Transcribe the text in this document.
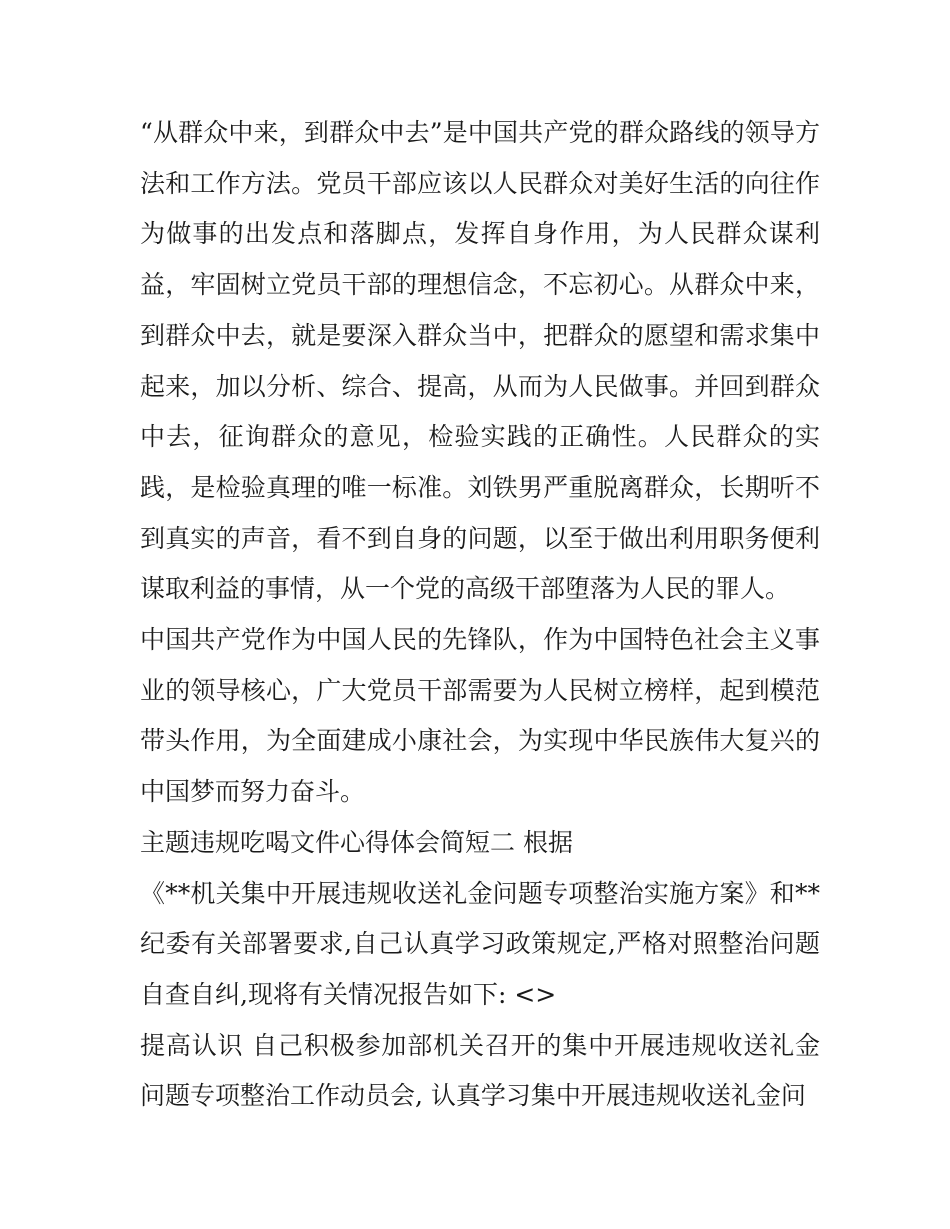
“从群众中来，到群众中去”是中国共产党的群众路线的领导方法和工作方法。党员干部应该以人民群众对美好生活的向往作为做事的出发点和落脚点，发挥自身作用，为人民群众谋利益，牢固树立党员干部的理想信念，不忘初心。从群众中来，到群众中去，就是要深入群众当中，把群众的愿望和需求集中起来，加以分析、综合、提高，从而为人民做事。并回到群众中去，征询群众的意见，检验实践的正确性。人民群众的实践，是检验真理的唯一标准。刘铁男严重脱离群众，长期听不到真实的声音，看不到自身的问题，以至于做出利用职务便利谋取利益的事情，从一个党的高级干部堕落为人民的罪人。

中国共产党作为中国人民的先锋队，作为中国特色社会主义事业的领导核心，广大党员干部需要为人民树立榜样，起到模范带头作用，为全面建成小康社会，为实现中华民族伟大复兴的中国梦而努力奋斗。

主题违规吃喝文件心得体会简短二 根据

《**机关集中开展违规收送礼金问题专项整治实施方案》和**纪委有关部署要求,自己认真学习政策规定,严格对照整治问题自查自纠,现将有关情况报告如下: <>

提高认识 自己积极参加部机关召开的集中开展违规收送礼金问题专项整治工作动员会, 认真学习集中开展违规收送礼金问
